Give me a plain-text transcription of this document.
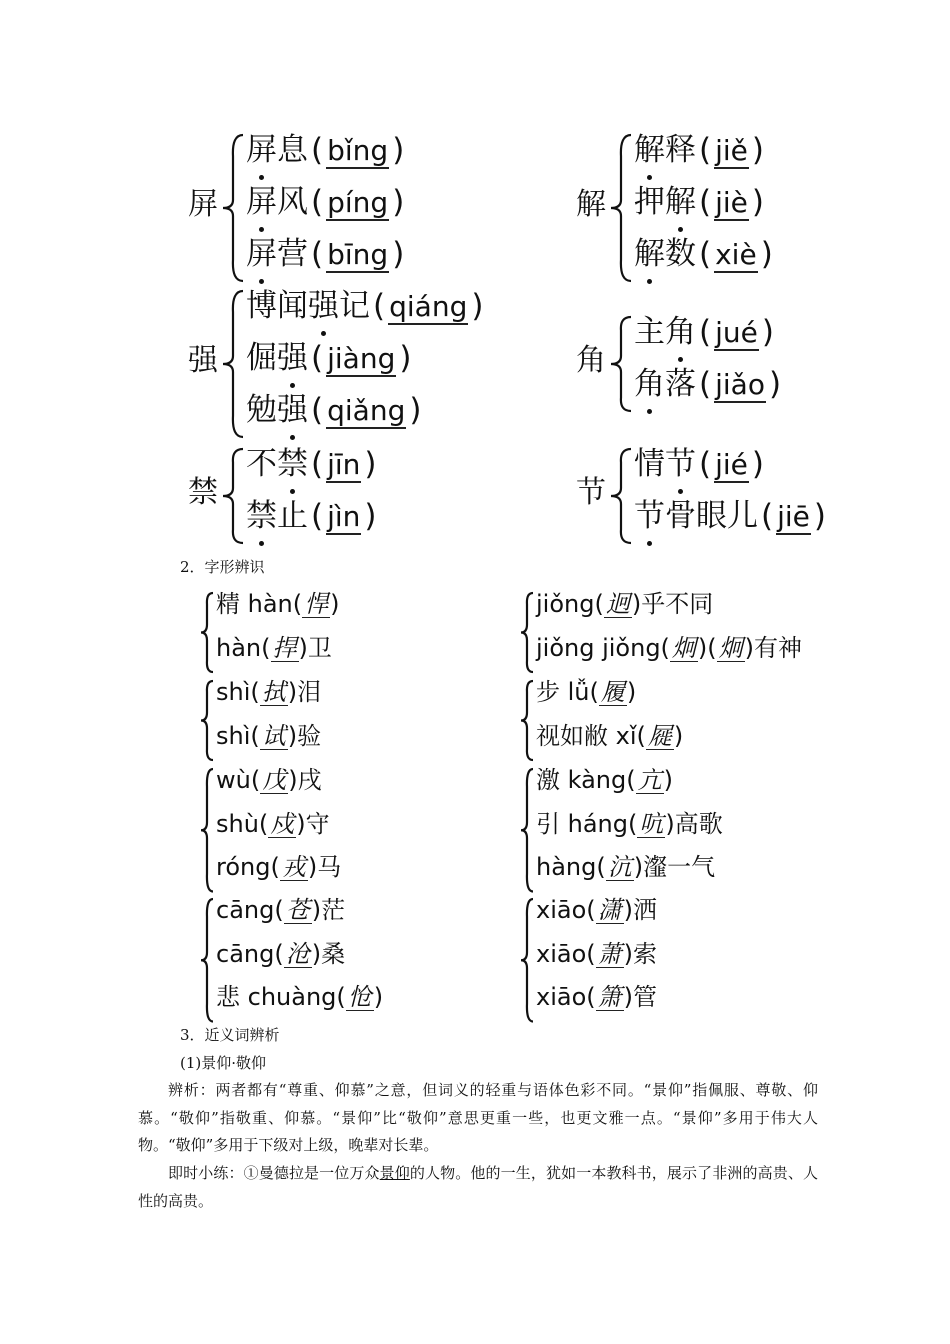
屏
屏息( bǐng )
屏风( píng )
屏营( bīng )
强
博闻强记( qiáng )
倔强( jiàng )
勉强( qiǎng )
禁
不禁( jīn )
禁止( jìn )
解
解释( jiě )
押解( jiè )
解数( xiè )
角
主角( jué )
角落( jiǎo )
节
情节( jié )
节骨眼儿( jiē )
2．字形辨识
精 hàn(悍)
hàn(捍)卫
shì(拭)泪
shì(试)验
wù(戊)戌
shù(戍)守
róng(戎)马
cāng(苍)茫
cāng(沧)桑
悲 chuàng(怆)
jiǒng(迥)乎不同
jiǒng jiǒng(炯)(炯)有神
步 lǚ(履)
视如敝 xǐ(屣)
激 kàng(亢)
引 háng(吭)高歌
hàng(沆)瀣一气
xiāo(潇)洒
xiāo(萧)索
xiāo(箫)管
3．近义词辨析
(1)景仰·敬仰
辨析：两者都有“尊重、仰慕”之意，但词义的轻重与语体色彩不同。“景仰”指佩服、尊敬、仰慕。“敬仰”指敬重、仰慕。“景仰”比“敬仰”意思更重一些，也更文雅一点。“景仰”多用于伟大人物。“敬仰”多用于下级对上级，晚辈对长辈。
即时小练：①曼德拉是一位万众景仰的人物。他的一生，犹如一本教科书，展示了非洲的高贵、人性的高贵。
